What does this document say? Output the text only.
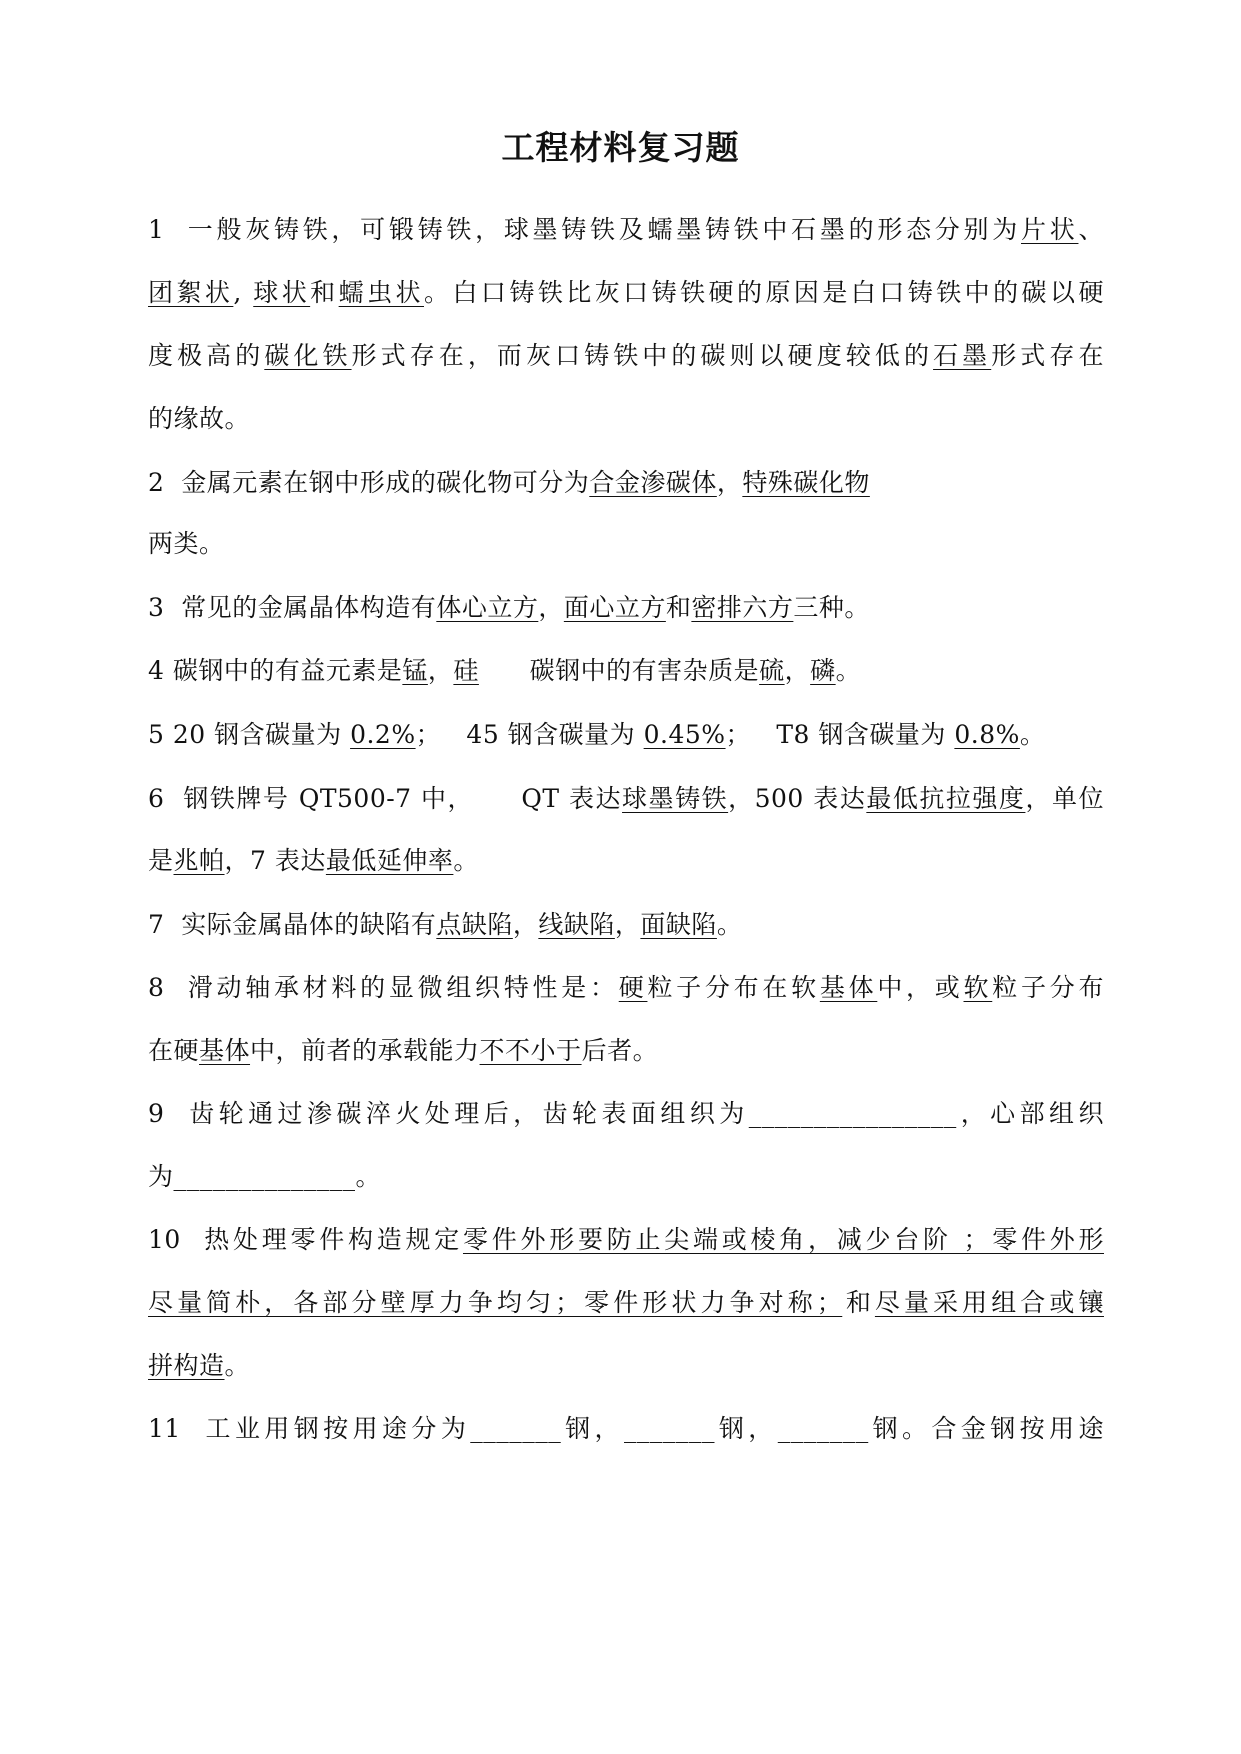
工程材料复习题
1  一般灰铸铁，可锻铸铁，球墨铸铁及蠕墨铸铁中石墨的形态分别为片状、
团絮状, 球状和蠕虫状。白口铸铁比灰口铸铁硬的原因是白口铸铁中的碳以硬
度极高的碳化铁形式存在，而灰口铸铁中的碳则以硬度较低的石墨形式存在
的缘故。
2  金属元素在钢中形成的碳化物可分为合金渗碳体，特殊碳化物
两类。
3  常见的金属晶体构造有体心立方，面心立方和密排六方三种。
4 碳钢中的有益元素是锰，硅      碳钢中的有害杂质是硫，磷。
5 20 钢含碳量为 0.2%；   45 钢含碳量为 0.45%；   T8 钢含碳量为 0.8%。
6  钢铁牌号 QT500-7 中，     QT 表达球墨铸铁，500 表达最低抗拉强度，单位
是兆帕，7 表达最低延伸率。
7  实际金属晶体的缺陷有点缺陷，线缺陷，面缺陷。
8  滑动轴承材料的显微组织特性是：硬粒子分布在软基体中，或软粒子分布
在硬基体中，前者的承载能力不不小于后者。
9  齿轮通过渗碳淬火处理后，齿轮表面组织为________________，心部组织
为______________。
10  热处理零件构造规定零件外形要防止尖端或棱角，减少台阶 ；零件外形
尽量简朴，各部分壁厚力争均匀；零件形状力争对称；和尽量采用组合或镶
拼构造。
11  工业用钢按用途分为_______钢，_______钢，_______钢。合金钢按用途
